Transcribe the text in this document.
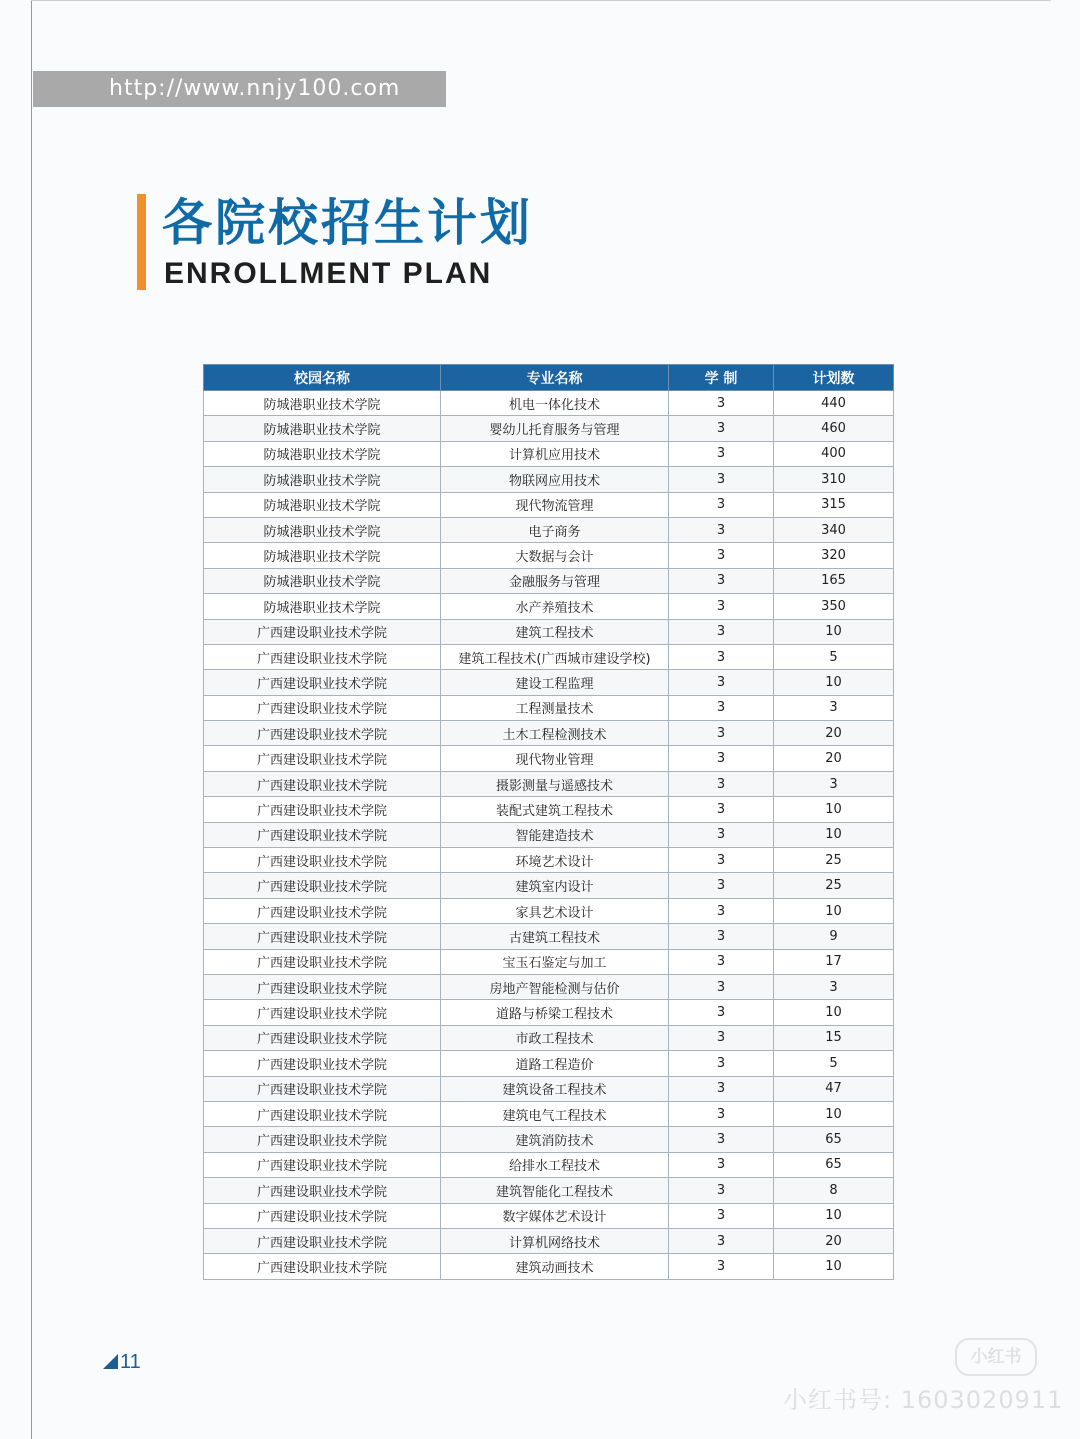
http://www.nnjy100.com
各院校招生计划
ENROLLMENT PLAN
校园名称	专业名称	学 制	计划数
防城港职业技术学院	机电一体化技术	3	440
防城港职业技术学院	婴幼儿托育服务与管理	3	460
防城港职业技术学院	计算机应用技术	3	400
防城港职业技术学院	物联网应用技术	3	310
防城港职业技术学院	现代物流管理	3	315
防城港职业技术学院	电子商务	3	340
防城港职业技术学院	大数据与会计	3	320
防城港职业技术学院	金融服务与管理	3	165
防城港职业技术学院	水产养殖技术	3	350
广西建设职业技术学院	建筑工程技术	3	10
广西建设职业技术学院	建筑工程技术(广西城市建设学校)	3	5
广西建设职业技术学院	建设工程监理	3	10
广西建设职业技术学院	工程测量技术	3	3
广西建设职业技术学院	土木工程检测技术	3	20
广西建设职业技术学院	现代物业管理	3	20
广西建设职业技术学院	摄影测量与遥感技术	3	3
广西建设职业技术学院	装配式建筑工程技术	3	10
广西建设职业技术学院	智能建造技术	3	10
广西建设职业技术学院	环境艺术设计	3	25
广西建设职业技术学院	建筑室内设计	3	25
广西建设职业技术学院	家具艺术设计	3	10
广西建设职业技术学院	古建筑工程技术	3	9
广西建设职业技术学院	宝玉石鉴定与加工	3	17
广西建设职业技术学院	房地产智能检测与估价	3	3
广西建设职业技术学院	道路与桥梁工程技术	3	10
广西建设职业技术学院	市政工程技术	3	15
广西建设职业技术学院	道路工程造价	3	5
广西建设职业技术学院	建筑设备工程技术	3	47
广西建设职业技术学院	建筑电气工程技术	3	10
广西建设职业技术学院	建筑消防技术	3	65
广西建设职业技术学院	给排水工程技术	3	65
广西建设职业技术学院	建筑智能化工程技术	3	8
广西建设职业技术学院	数字媒体艺术设计	3	10
广西建设职业技术学院	计算机网络技术	3	20
广西建设职业技术学院	建筑动画技术	3	10
11	小红书
小红书号: 1603020911
